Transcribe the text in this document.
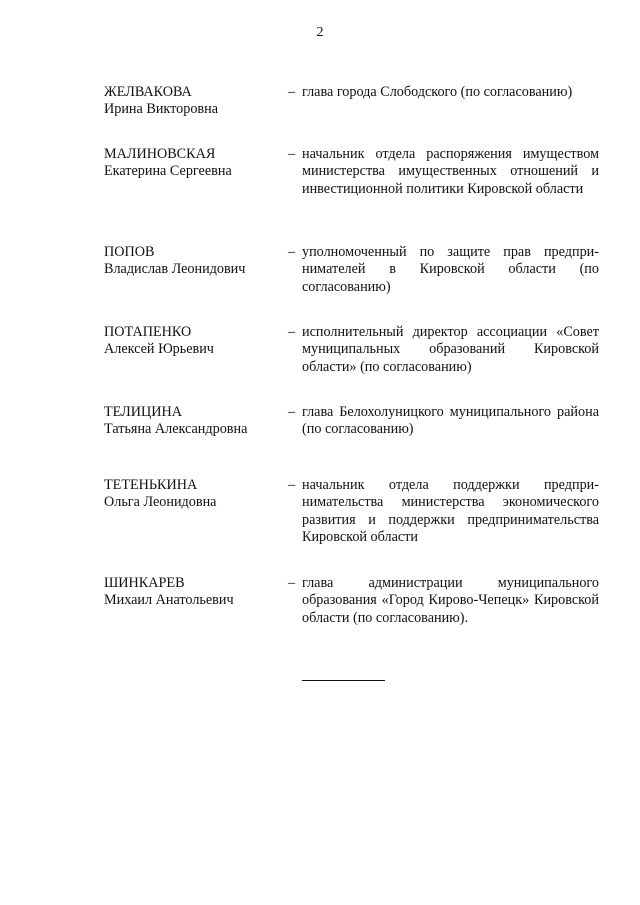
2
ЖЕЛВАКОВА
Ирина Викторовна
– глава города Слободского (по согласованию)
МАЛИНОВСКАЯ
Екатерина Сергеевна
– начальник отдела распоряжения имуществом министерства имущественных отношений и инвестиционной политики Кировской области
ПОПОВ
Владислав Леонидович
– уполномоченный по защите прав предпринимателей в Кировской области (по согласованию)
ПОТАПЕНКО
Алексей Юрьевич
– исполнительный директор ассоциации «Совет муниципальных образований Кировской области» (по согласованию)
ТЕЛИЦИНА
Татьяна Александровна
– глава Белохолуницкого муниципального района (по согласованию)
ТЕТЕНЬКИНА
Ольга Леонидовна
– начальник отдела поддержки предпринимательства министерства экономического развития и поддержки предпринимательства Кировской области
ШИНКАРЕВ
Михаил Анатольевич
– глава администрации муниципального образования «Город Кирово-Чепецк» Кировской области (по согласованию).
